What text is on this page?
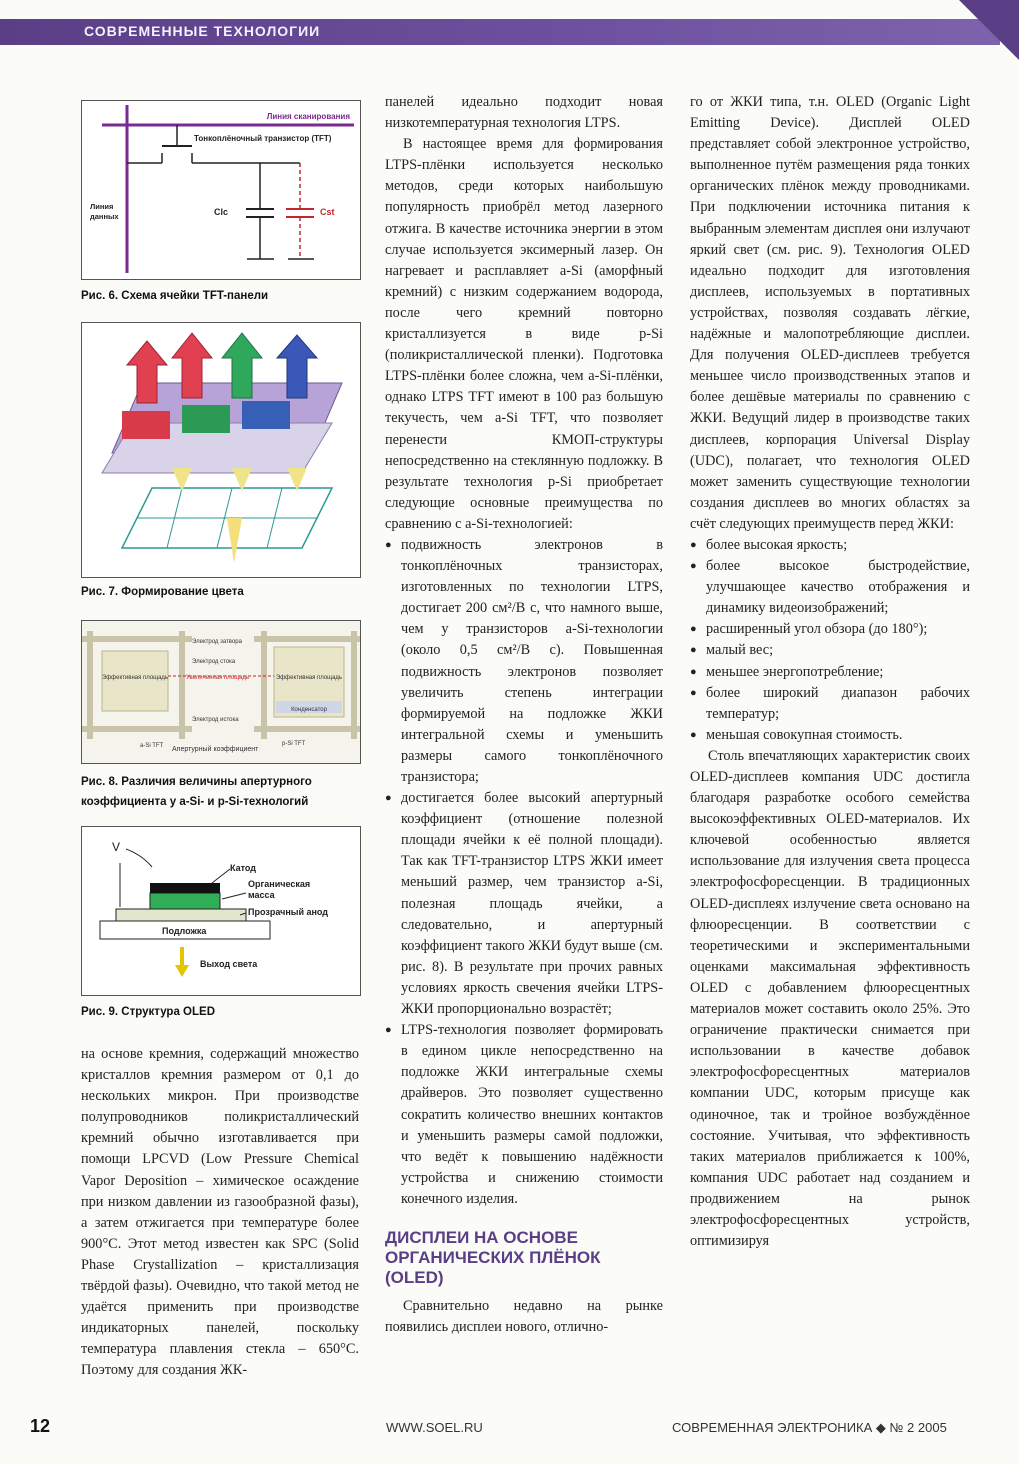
СОВРЕМЕННЫЕ ТЕХНОЛОГИИ
Линия сканирования
Тонкоплёночный транзистор (TFT)
Clc	Cst
Линия
данных
Рис. 6. Схема ячейки TFT-панели
Рис. 7. Формирование цвета
Эффективная площадь	Эффективная площадь
Конденсатор
Электрод затвора
Электрод стока
Увеличенная площадь
Электрод истока
a-Si TFT	p-Si TFT
Апертурный коэффициент
Рис. 8. Различия величины апертурного
коэффициента у a-Si- и p-Si-технологий
V
Подложка
Катод
Органическая
масса
Прозрачный анод
Выход света
Рис. 9. Структура OLED

на основе кремния, содержащий множество кристаллов кремния размером от 0,1 до нескольких микрон. При производстве полупроводников поликристаллический кремний обычно изготавливается при помощи LPCVD (Low Pressure Chemical Vapor Deposition – химическое осаждение при низком давлении из газообразной фазы), а затем отжигается при температуре более 900°C. Этот метод известен как SPC (Solid Phase Crystallization – кристаллизация твёрдой фазы). Очевидно, что такой метод не удаётся применить при производстве индикаторных панелей, поскольку температура плавления стекла – 650°C. Поэтому для создания ЖК-

панелей идеально подходит новая низкотемпературная технология LTPS.

В настоящее время для формирования LTPS-плёнки используется несколько методов, среди которых наибольшую популярность приобрёл метод лазерного отжига. В качестве источника энергии в этом случае используется эксимерный лазер. Он нагревает и расплавляет a-Si (аморфный кремний) с низким содержанием водорода, после чего кремний повторно кристаллизуется в виде p-Si (поликристаллической пленки). Подготовка LTPS-плёнки более сложна, чем a-Si-плёнки, однако LTPS TFT имеют в 100 раз большую текучесть, чем a-Si TFT, что позволяет перенести КМОП-структуры непосредственно на стеклянную подложку. В результате технология p-Si приобретает следующие основные преимущества по сравнению с a-Si-технологией:

● подвижность электронов в тонкоплёночных транзисторах, изготовленных по технологии LTPS, достигает 200 см²/В с, что намного выше, чем у транзисторов a-Si-технологии (около 0,5 см²/В с). Повышенная подвижность электронов позволяет увеличить степень интеграции формируемой на подложке ЖКИ интегральной схемы и уменьшить размеры самого тонкоплёночного транзистора;
● достигается более высокий апертурный коэффициент (отношение полезной площади ячейки к её полной площади). Так как TFT-транзистор LTPS ЖКИ имеет меньший размер, чем транзистор a-Si, полезная площадь ячейки, а следовательно, и апертурный коэффициент такого ЖКИ будут выше (см. рис. 8). В результате при прочих равных условиях яркость свечения ячейки LTPS-ЖКИ пропорционально возрастёт;
● LTPS-технология позволяет формировать в едином цикле непосредственно на подложке ЖКИ интегральные схемы драйверов. Это позволяет существенно сократить количество внешних контактов и уменьшить размеры самой подложки, что ведёт к повышению надёжности устройства и снижению стоимости конечного изделия.
ДИСПЛЕИ НА ОСНОВЕ
ОРГАНИЧЕСКИХ ПЛЁНОК
(OLED)

Сравнительно недавно на рынке появились дисплеи нового, отлично-

го от ЖКИ типа, т.н. OLED (Organic Light Emitting Device). Дисплей OLED представляет собой электронное устройство, выполненное путём размещения ряда тонких органических плёнок между проводниками. При подключении источника питания к выбранным элементам дисплея они излучают яркий свет (см. рис. 9). Технология OLED идеально подходит для изготовления дисплеев, используемых в портативных устройствах, позволяя создавать лёгкие, надёжные и малопотребляющие дисплеи. Для получения OLED-дисплеев требуется меньшее число производственных этапов и более дешёвые материалы по сравнению с ЖКИ. Ведущий лидер в производстве таких дисплеев, корпорация Universal Display (UDC), полагает, что технология OLED может заменить существующие технологии создания дисплеев во многих областях за счёт следующих преимуществ перед ЖКИ:

● более высокая яркость;
● более высокое быстродействие, улучшающее качество отображения и динамику видеоизображений;
● расширенный угол обзора (до 180°);
● малый вес;
● меньшее энергопотребление;
● более широкий диапазон рабочих температур;
● меньшая совокупная стоимость.

Столь впечатляющих характеристик своих OLED-дисплеев компания UDC достигла благодаря разработке особого семейства высокоэффективных OLED-материалов. Их ключевой особенностью является использование для излучения света процесса электрофосфоресценции. В традиционных OLED-дисплеях излучение света основано на флюоресценции. В соответствии с теоретическими и экспериментальными оценками максимальная эффективность OLED с добавлением флюоресцентных материалов может составить около 25%. Это ограничение практически снимается при использовании в качестве добавок электрофосфоресцентных материалов компании UDC, которым присуще как одиночное, так и тройное возбуждённое состояние. Учитывая, что эффективность таких материалов приближается к 100%, компания UDC работает над созданием и продвижением на рынок электрофосфоресцентных устройств, оптимизируя

12	WWW.SOEL.RU	СОВРЕМЕННАЯ ЭЛЕКТРОНИКА ◆ № 2 2005
